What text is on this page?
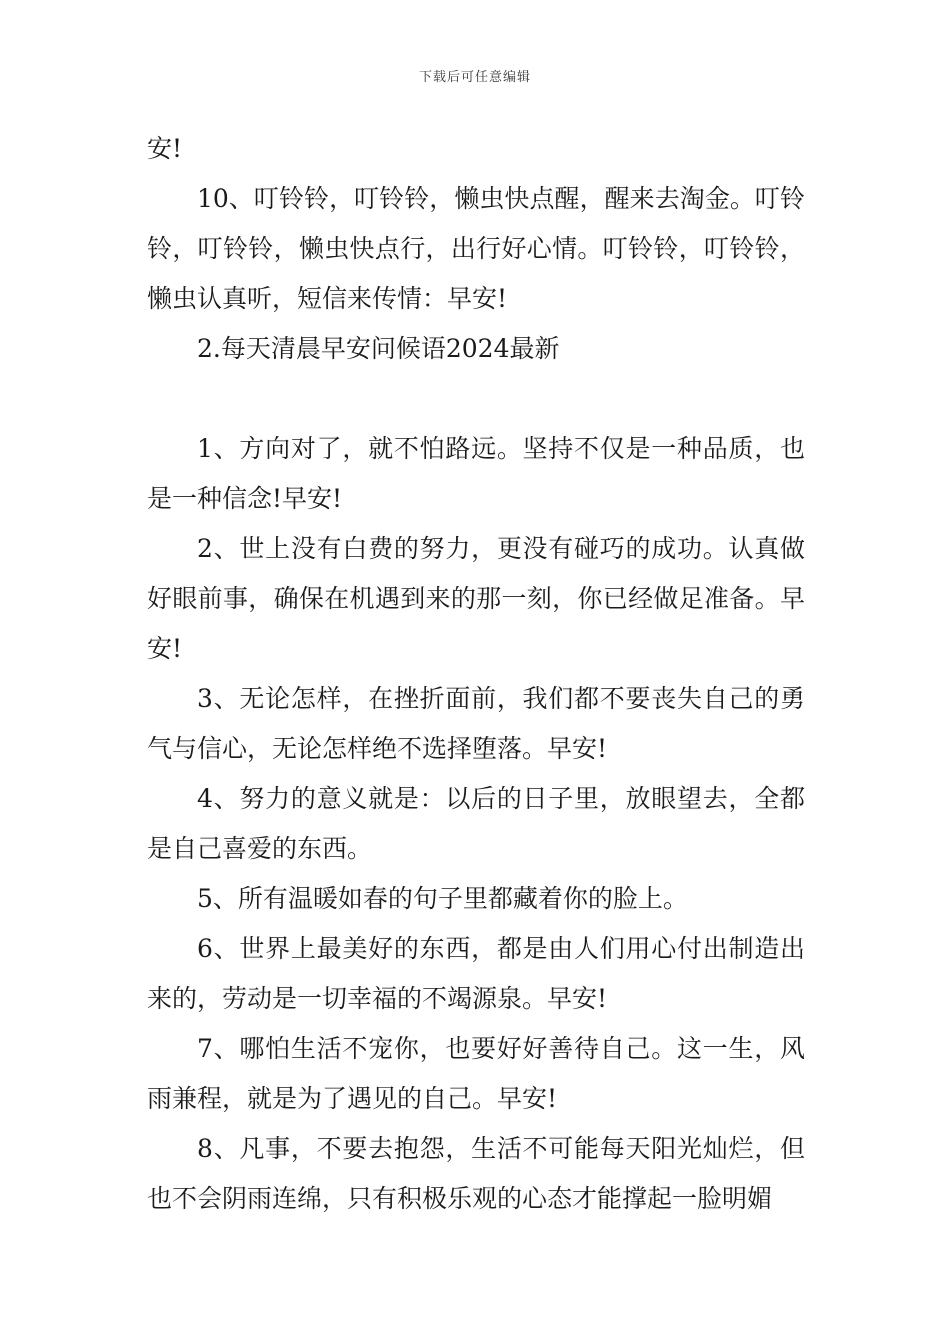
下载后可任意编辑

安!

10、叮铃铃，叮铃铃，懒虫快点醒，醒来去淘金。叮铃铃，叮铃铃，懒虫快点行，出行好心情。叮铃铃，叮铃铃，懒虫认真听，短信来传情：早安!

2.每天清晨早安问候语2024最新

1、方向对了，就不怕路远。坚持不仅是一种品质，也是一种信念!早安!

2、世上没有白费的努力，更没有碰巧的成功。认真做好眼前事，确保在机遇到来的那一刻，你已经做足准备。早安!

3、无论怎样，在挫折面前，我们都不要丧失自己的勇气与信心，无论怎样绝不选择堕落。早安!

4、努力的意义就是：以后的日子里，放眼望去，全都是自己喜爱的东西。

5、所有温暖如春的句子里都藏着你的脸上。

6、世界上最美好的东西，都是由人们用心付出制造出来的，劳动是一切幸福的不竭源泉。早安!

7、哪怕生活不宠你，也要好好善待自己。这一生，风雨兼程，就是为了遇见的自己。早安!

8、凡事，不要去抱怨，生活不可能每天阳光灿烂，但也不会阴雨连绵，只有积极乐观的心态才能撑起一脸明媚
